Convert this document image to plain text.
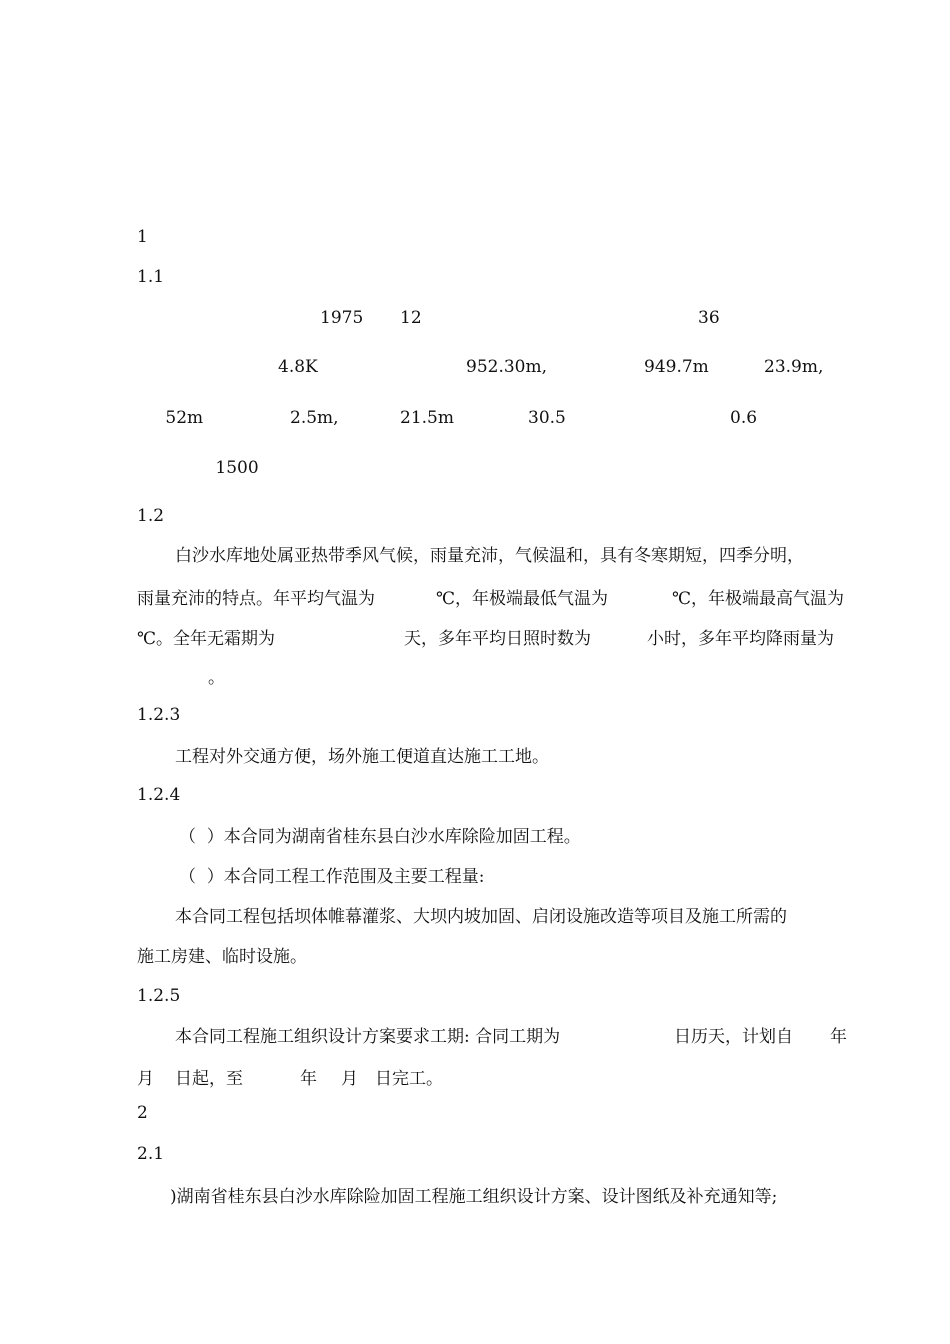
1
1.1
1975 12	36
4.8K	952.30m,	949.7m	23.9m,
52m	2.5m,	21.5m	30.5	0.6
1500
1.2
白沙水库地处属亚热带季风气候，雨量充沛，气候温和，具有冬寒期短，四季分明，
雨量充沛的特点。年平均气温为	℃，年极端最低气温为	℃，年极端最高气温为
℃。全年无霜期为	天，多年平均日照时数为	小时，多年平均降雨量为
。
1.2.3
工程对外交通方便，场外施工便道直达施工工地。
1.2.4
（  ）本合同为湖南省桂东县白沙水库除险加固工程。
（  ）本合同工程工作范围及主要工程量:
本合同工程包括坝体帷幕灌浆、大坝内坡加固、启闭设施改造等项目及施工所需的
施工房建、临时设施。
1.2.5
本合同工程施工组织设计方案要求工期: 合同工期为	日历天，计划自 年
月 日起，至	年 月 日完工。
2
2.1
)湖南省桂东县白沙水库除险加固工程施工组织设计方案、设计图纸及补充通知等;
